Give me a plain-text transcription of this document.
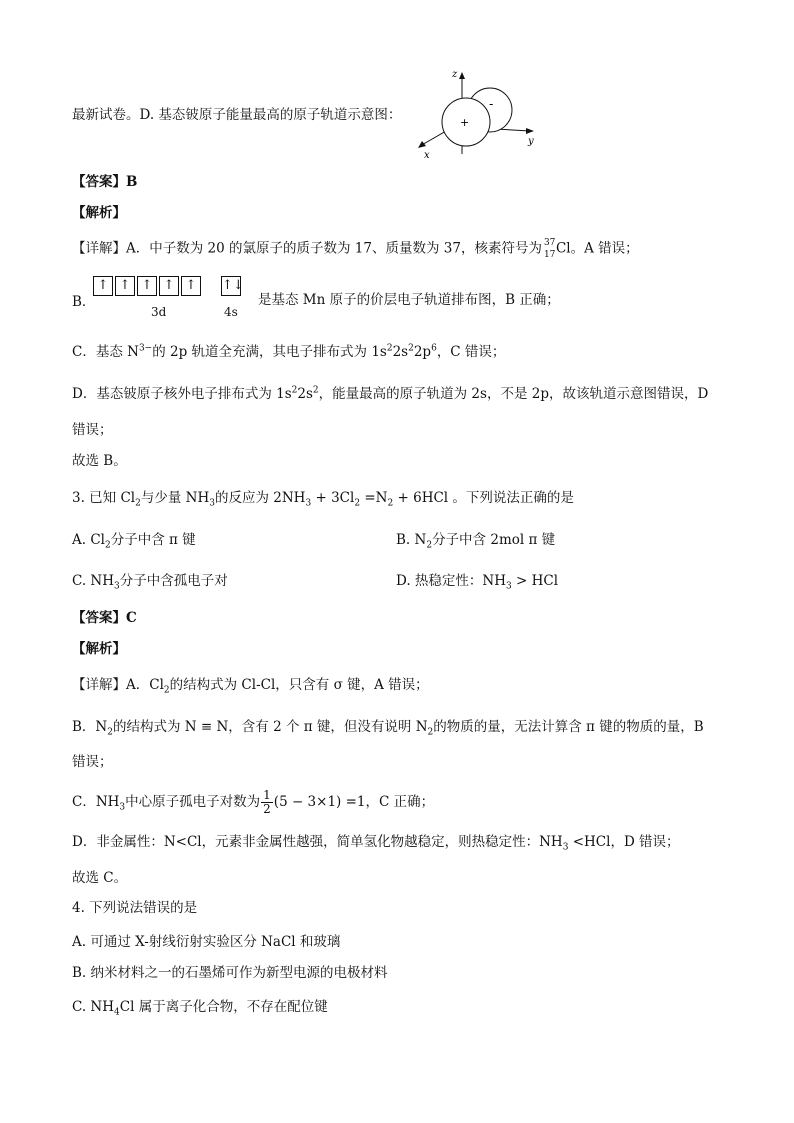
最新试卷。D. 基态铍原子能量最高的原子轨道示意图：
z
y
x
+
-
【答案】B
【解析】
【详解】A．中子数为 20 的氯原子的质子数为 17、质量数为 37，核素符号为 37
17 Cl。A 错误；
B．
↑ ↑ ↑ ↑ ↑	↑↓
3d	4s
是基态 Mn 原子的价层电子轨道排布图，B 正确；
C．基态 $N^{3-}$的 2p 轨道全充满，其电子排布式为 $1s^22s^22p^6$，C 错误；
D．基态铍原子核外电子排布式为 $1s^22s^2$，能量最高的原子轨道为 2s，不是 2p，故该轨道示意图错误，D
错误；
故选 B。
3. 已知 $Cl_2$与少量 $NH_3$的反应为 $2NH_3 + 3Cl_2 =N_2 + 6HCl$ 。下列说法正确的是
A. $Cl_2$分子中含 π 键	B. $N_2$分子中含 2mol π 键
C. $NH_3$分子中含孤电子对	D. 热稳定性：$NH_3$ > HCl
【答案】C
【解析】
【详解】A．$Cl_2$的结构式为 Cl-Cl，只含有 σ 键，A 错误；
B．$N_2$的结构式为 N ≡ N，含有 2 个 π 键，但没有说明 $N_2$的物质的量，无法计算含 π 键的物质的量，B
错误；
C．$NH_3$中心原子孤电子对数为 $\frac{1}{2} (5 - 3\times 1) =1$，C 正确；
D．非金属性：N<Cl，元素非金属性越强，简单氢化物越稳定，则热稳定性：$NH_3 <HCl$，D 错误；
故选 C。
4. 下列说法错误的是
A. 可通过 X-射线衍射实验区分 NaCl 和玻璃
B. 纳米材料之一的石墨烯可作为新型电源的电极材料
C. $NH_4Cl$ 属于离子化合物，不存在配位键
